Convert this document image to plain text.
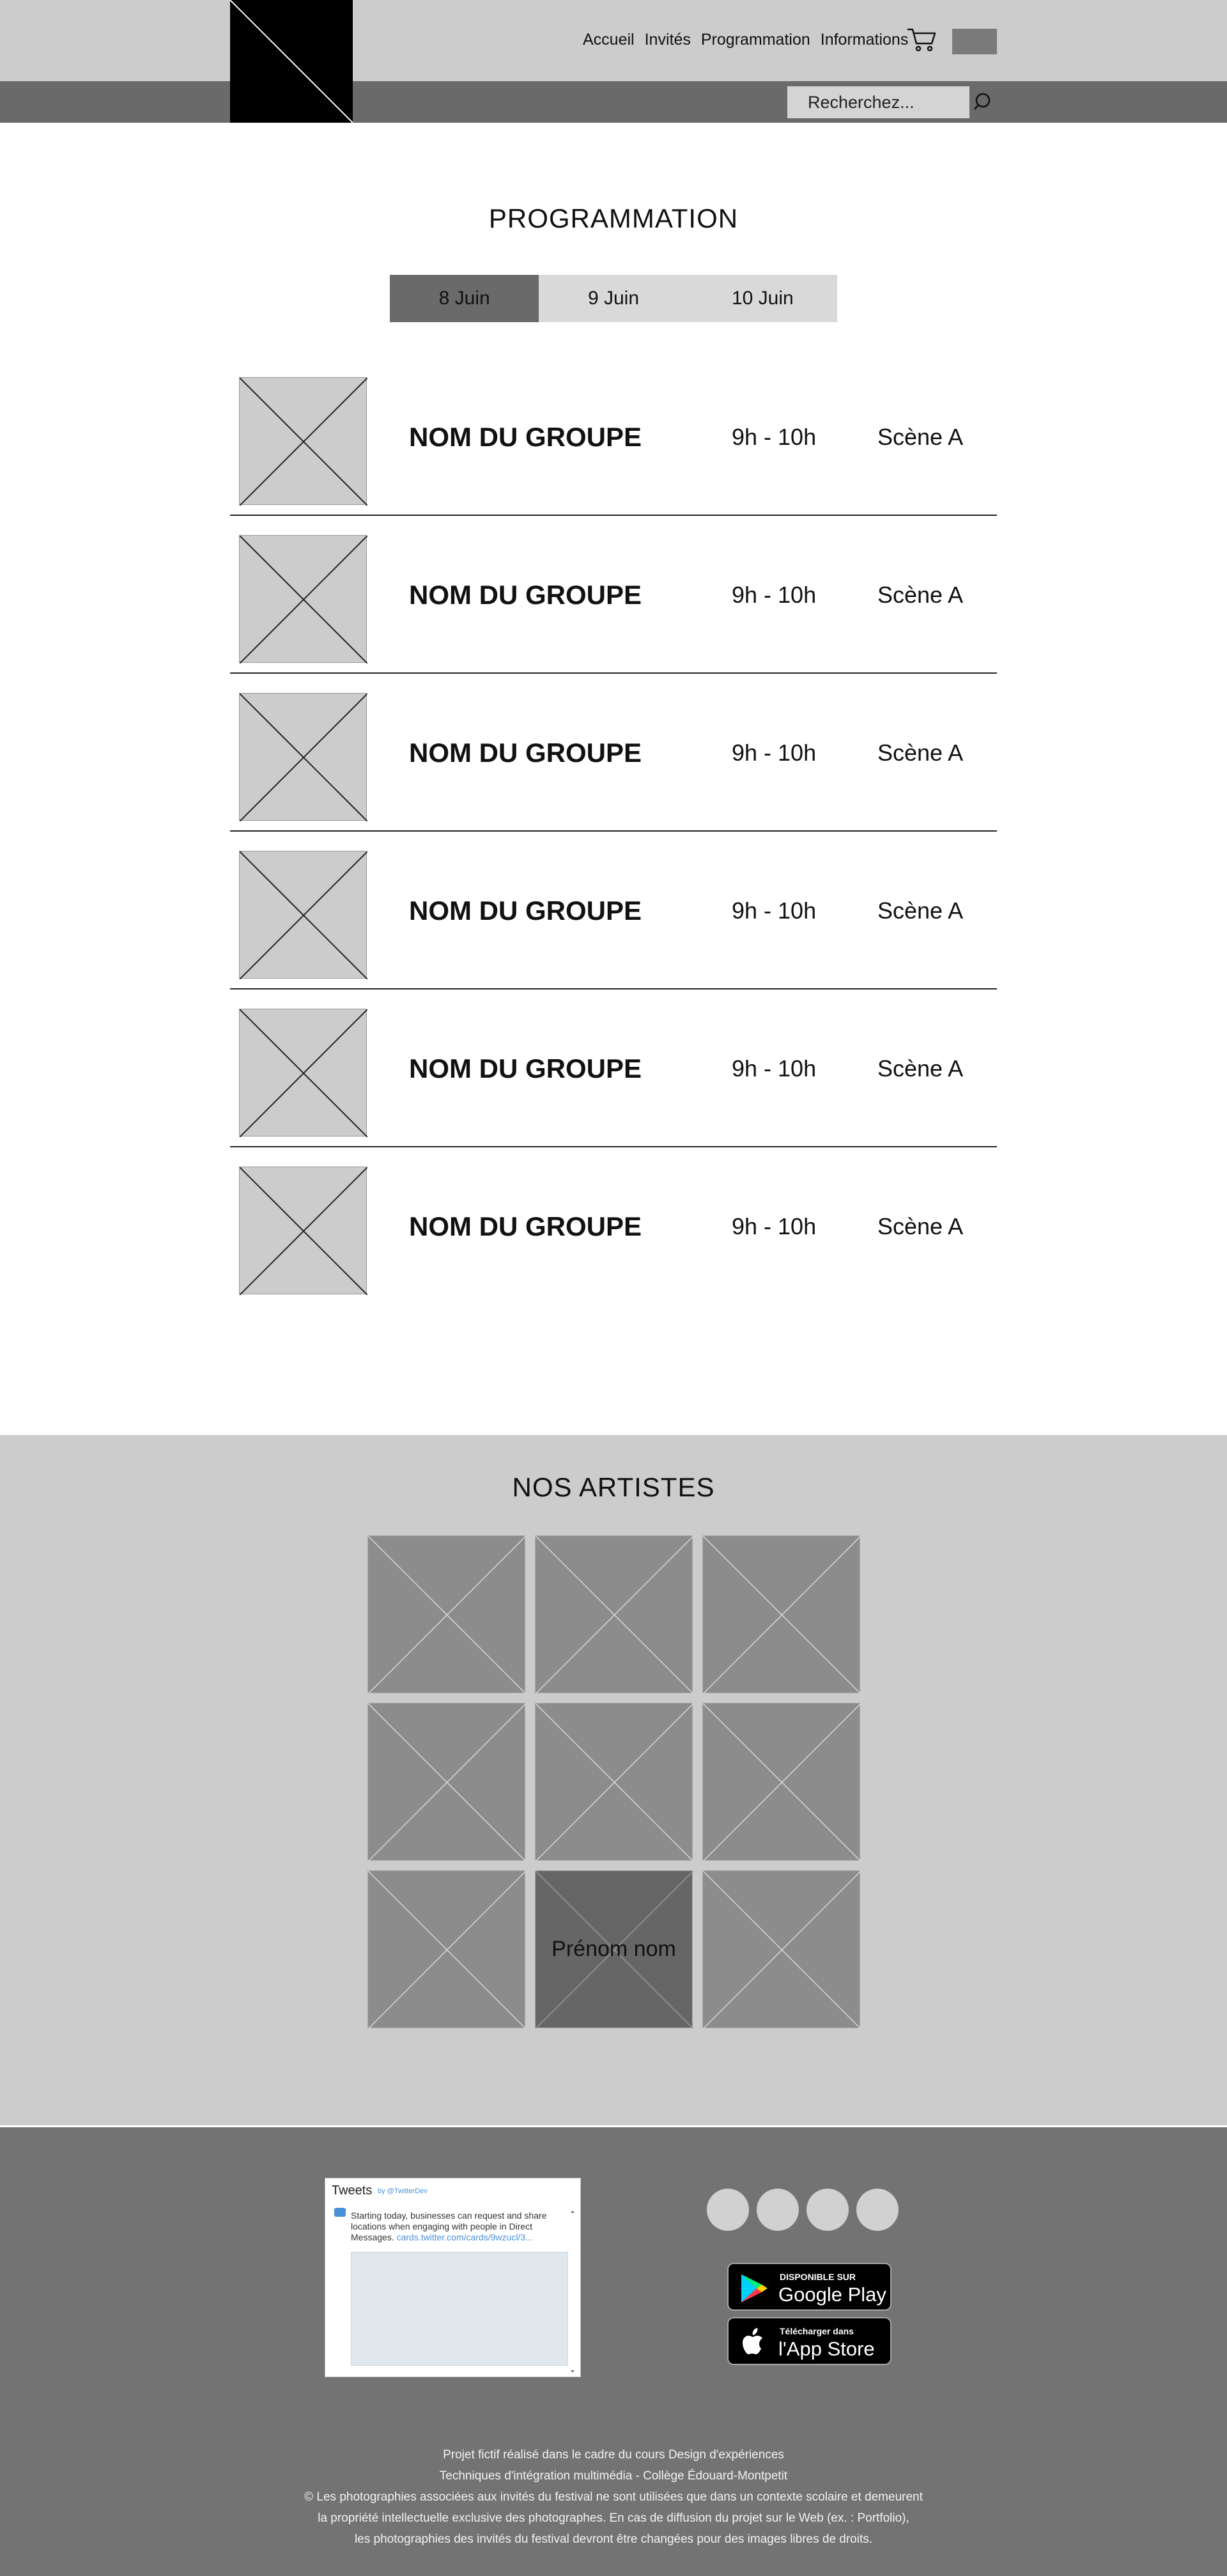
Accueil Invités Programmation Informations
Recherchez...
PROGRAMMATION
8 Juin	9 Juin	10 Juin
NOM DU GROUPE	9h - 10h	Scène A
NOM DU GROUPE	9h - 10h	Scène A
NOM DU GROUPE	9h - 10h	Scène A
NOM DU GROUPE	9h - 10h	Scène A
NOM DU GROUPE	9h - 10h	Scène A
NOM DU GROUPE	9h - 10h	Scène A
NOS ARTISTES
Prénom nom
Tweets by @TwitterDev
Starting today, businesses can request and share locations when engaging with people in Direct Messages. cards.twitter.com/cards/9wzucl/3...
DISPONIBLE SUR
Google Play
Télécharger dans
l'App Store
Projet fictif réalisé dans le cadre du cours Design d'expériences
Techniques d'intégration multimédia - Collège Édouard-Montpetit
© Les photographies associées aux invités du festival ne sont utilisées que dans un contexte scolaire et demeurent
la propriété intellectuelle exclusive des photographes. En cas de diffusion du projet sur le Web (ex. : Portfolio),
les photographies des invités du festival devront être changées pour des images libres de droits.
